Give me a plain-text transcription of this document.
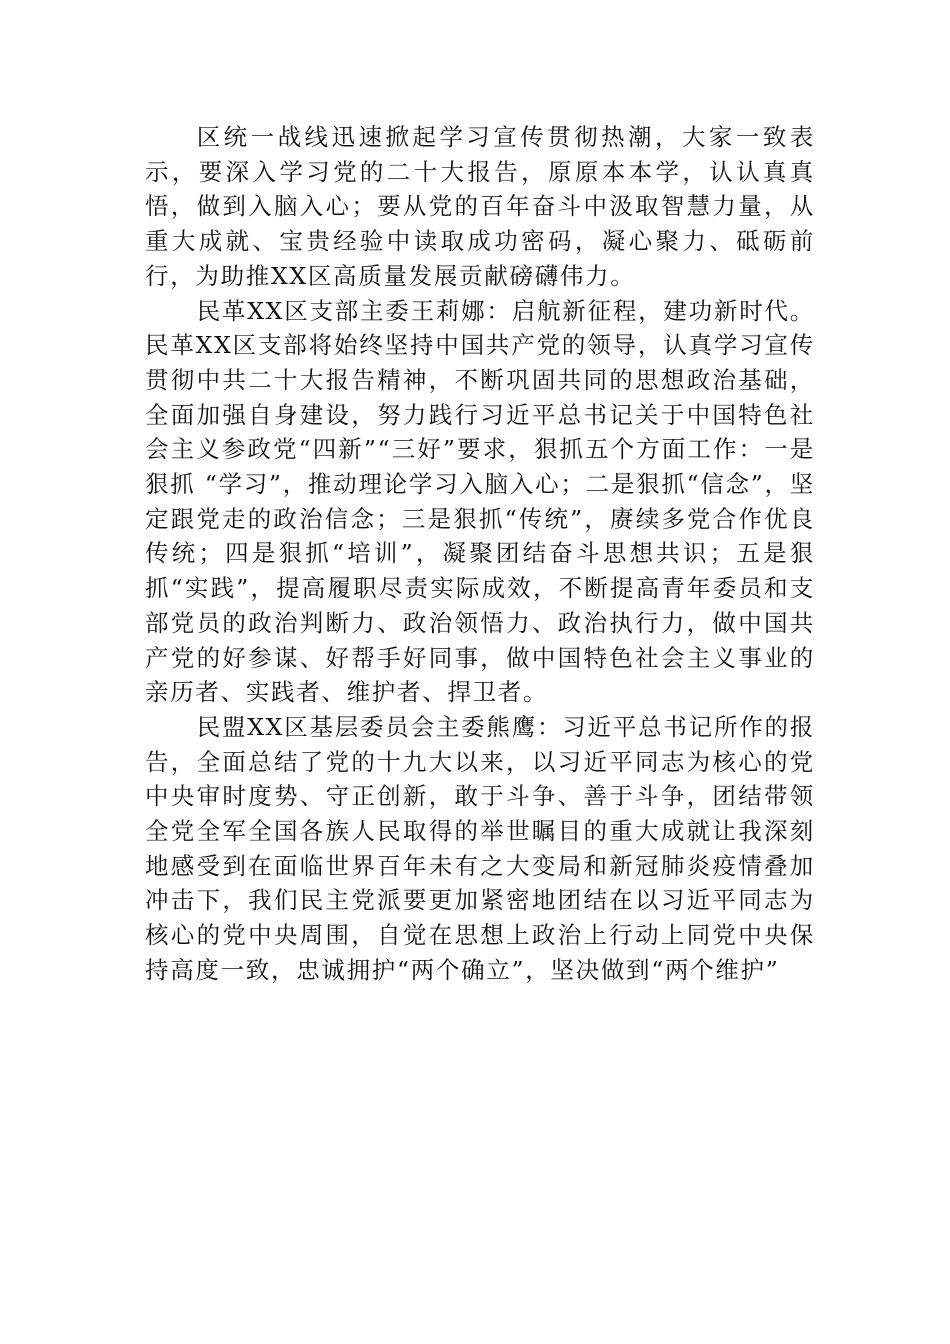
区统一战线迅速掀起学习宣传贯彻热潮，大家一致表示，要深入学习党的二十大报告，原原本本学，认认真真悟，做到入脑入心；要从党的百年奋斗中汲取智慧力量，从重大成就、宝贵经验中读取成功密码，凝心聚力、砥砺前行，为助推XX区高质量发展贡献磅礴伟力。

民革XX区支部主委王莉娜：启航新征程，建功新时代。民革XX区支部将始终坚持中国共产党的领导，认真学习宣传贯彻中共二十大报告精神，不断巩固共同的思想政治基础，全面加强自身建设，努力践行习近平总书记关于中国特色社会主义参政党“四新”“三好”要求，狠抓五个方面工作：一是狠抓 “学习”，推动理论学习入脑入心；二是狠抓“信念”，坚定跟党走的政治信念；三是狠抓“传统”，赓续多党合作优良传统；四是狠抓“培训”，凝聚团结奋斗思想共识；五是狠抓“实践”，提高履职尽责实际成效，不断提高青年委员和支部党员的政治判断力、政治领悟力、政治执行力，做中国共产党的好参谋、好帮手好同事，做中国特色社会主义事业的亲历者、实践者、维护者、捍卫者。

民盟XX区基层委员会主委熊鹰：习近平总书记所作的报告，全面总结了党的十九大以来，以习近平同志为核心的党中央审时度势、守正创新，敢于斗争、善于斗争，团结带领全党全军全国各族人民取得的举世瞩目的重大成就让我深刻地感受到在面临世界百年未有之大变局和新冠肺炎疫情叠加冲击下，我们民主党派要更加紧密地团结在以习近平同志为核心的党中央周围，自觉在思想上政治上行动上同党中央保持高度一致，忠诚拥护“两个确立”，坚决做到“两个维护”
